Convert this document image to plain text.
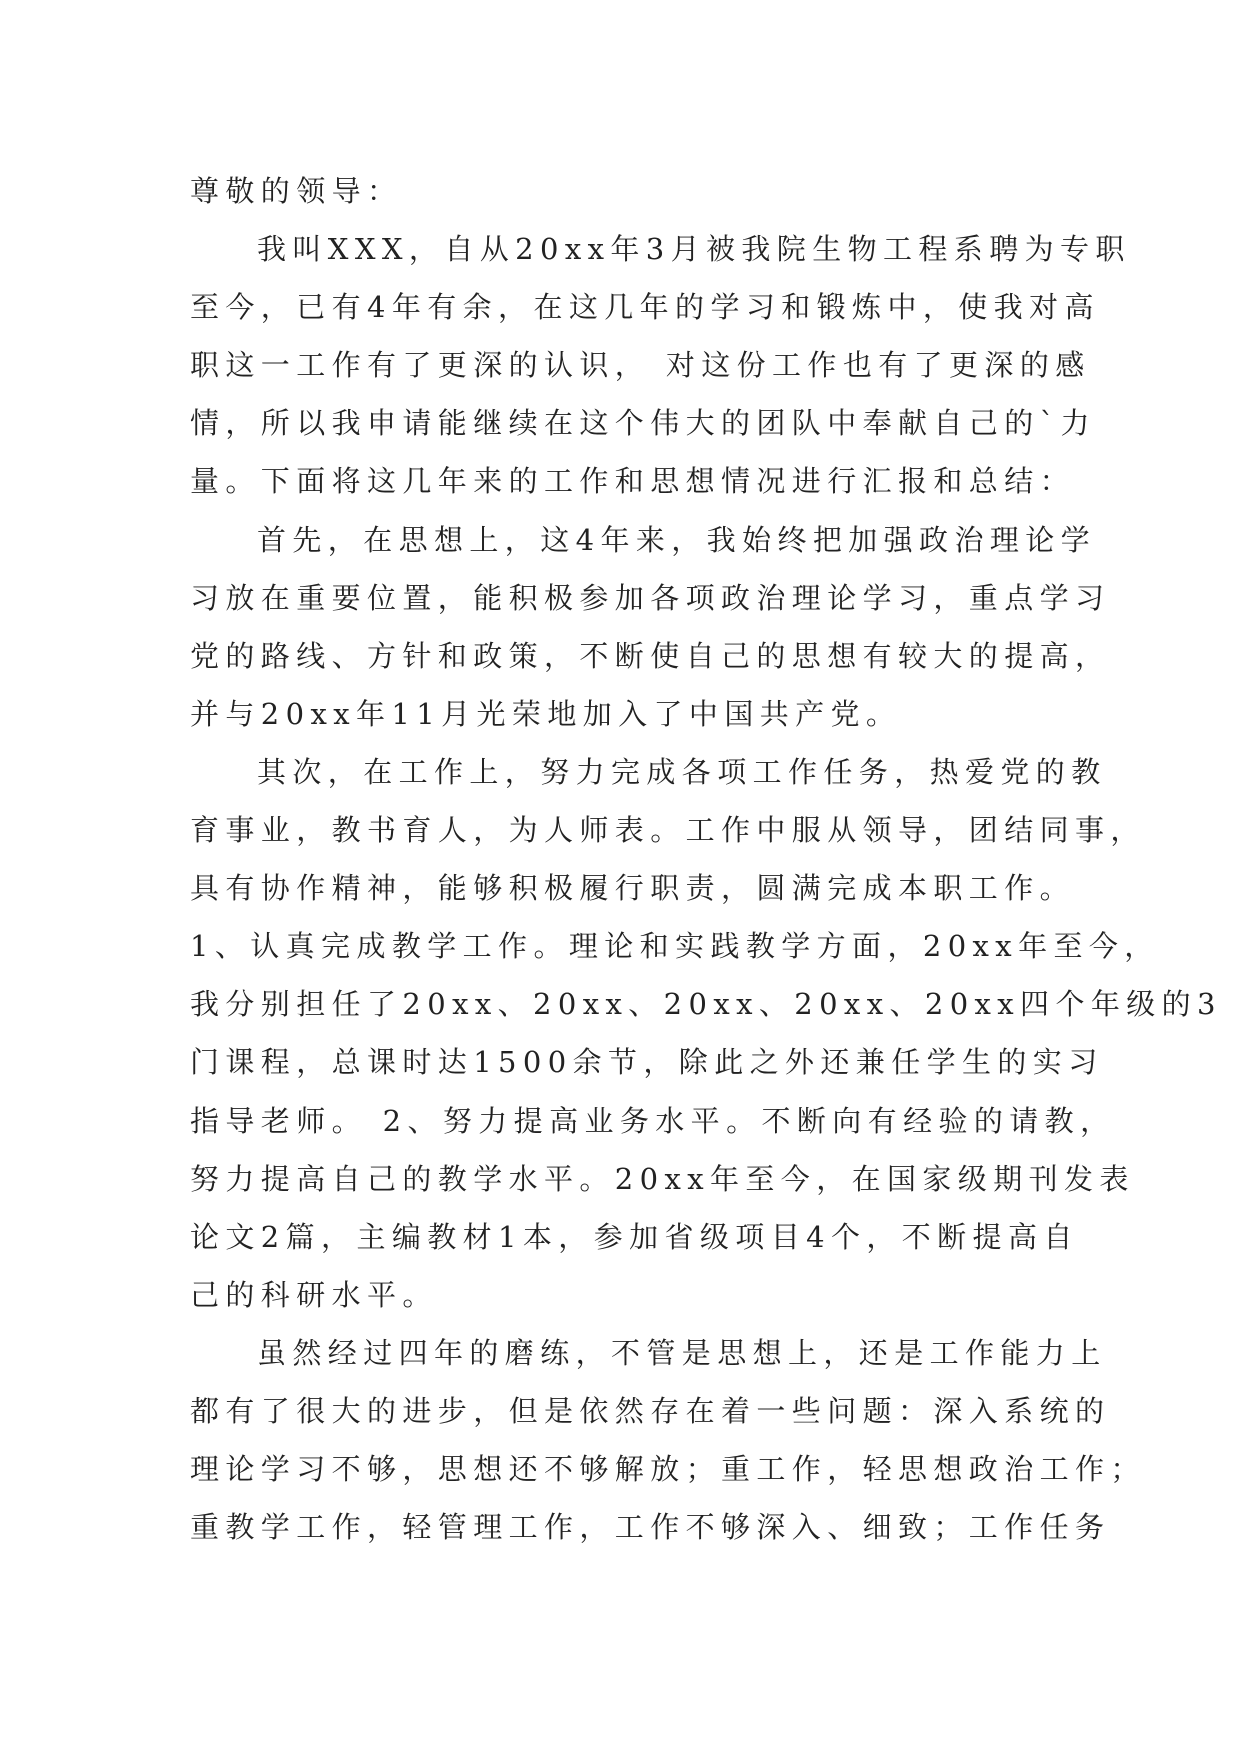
尊敬的领导：
我叫XXX，自从20xx年3月被我院生物工程系聘为专职
至今，已有4年有余，在这几年的学习和锻炼中，使我对高
职这一工作有了更深的认识， 对这份工作也有了更深的感
情，所以我申请能继续在这个伟大的团队中奉献自己的`力
量。下面将这几年来的工作和思想情况进行汇报和总结：
首先，在思想上，这4年来，我始终把加强政治理论学
习放在重要位置，能积极参加各项政治理论学习，重点学习
党的路线、方针和政策，不断使自己的思想有较大的提高，
并与20xx年11月光荣地加入了中国共产党。
其次，在工作上，努力完成各项工作任务，热爱党的教
育事业，教书育人，为人师表。工作中服从领导，团结同事，
具有协作精神，能够积极履行职责，圆满完成本职工作。
1、认真完成教学工作。理论和实践教学方面，20xx年至今，
我分别担任了20xx、20xx、20xx、20xx、20xx四个年级的3
门课程，总课时达1500余节，除此之外还兼任学生的实习
指导老师。 2、努力提高业务水平。不断向有经验的请教，
努力提高自己的教学水平。20xx年至今，在国家级期刊发表
论文2篇，主编教材1本，参加省级项目4个，不断提高自
己的科研水平。
虽然经过四年的磨练，不管是思想上，还是工作能力上
都有了很大的进步，但是依然存在着一些问题：深入系统的
理论学习不够，思想还不够解放；重工作，轻思想政治工作；
重教学工作，轻管理工作，工作不够深入、细致；工作任务
